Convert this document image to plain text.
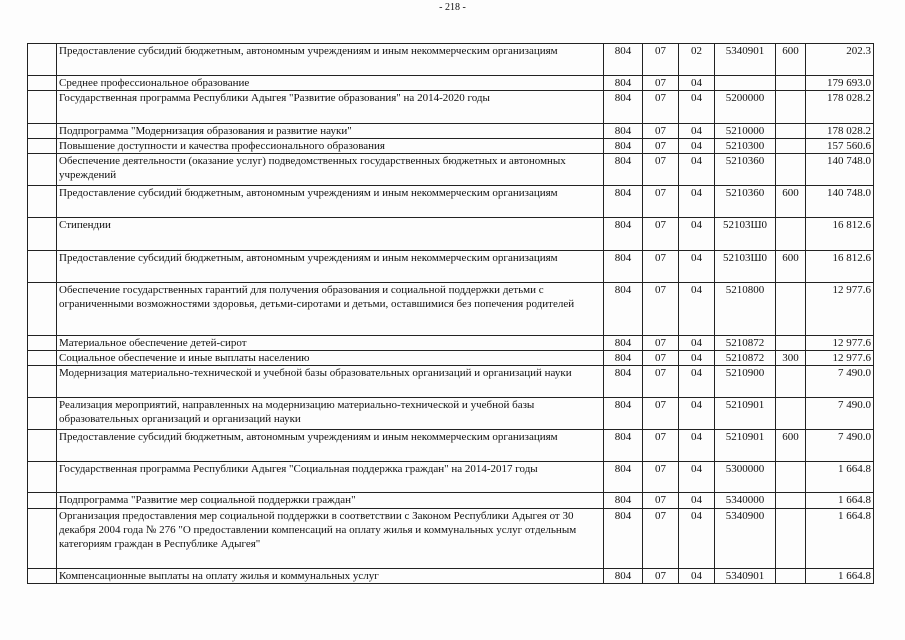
- 218 -
	Предоставление субсидий бюджетным, автономным учреждениям и иным некоммерческим организациям	804	07	02	5340901	600	202.3
	Среднее профессиональное образование	804	07	04			179 693.0
	Государственная программа Республики Адыгея "Развитие образования" на 2014-2020 годы	804	07	04	5200000		178 028.2
	Подпрограмма "Модернизация образования и развитие науки"	804	07	04	5210000		178 028.2
	Повышение доступности и качества профессионального образования	804	07	04	5210300		157 560.6
	Обеспечение деятельности (оказание услуг) подведомственных государственных бюджетных и автономных учреждений	804	07	04	5210360		140 748.0
	Предоставление субсидий бюджетным, автономным учреждениям и иным некоммерческим организациям	804	07	04	5210360	600	140 748.0
	Стипендии	804	07	04	52103Ш0		16 812.6
	Предоставление субсидий бюджетным, автономным учреждениям и иным некоммерческим организациям	804	07	04	52103Ш0	600	16 812.6
	Обеспечение государственных гарантий для получения образования и социальной поддержки детьми с ограниченными возможностями здоровья, детьми-сиротами и детьми, оставшимися без попечения родителей	804	07	04	5210800		12 977.6
	Материальное обеспечение детей-сирот	804	07	04	5210872		12 977.6
	Социальное обеспечение и иные выплаты населению	804	07	04	5210872	300	12 977.6
	Модернизация материально-технической и учебной базы образовательных организаций и организаций науки	804	07	04	5210900		7 490.0
	Реализация мероприятий, направленных на модернизацию материально-технической и учебной базы образовательных организаций и организаций науки	804	07	04	5210901		7 490.0
	Предоставление субсидий бюджетным, автономным учреждениям и иным некоммерческим организациям	804	07	04	5210901	600	7 490.0
	Государственная программа Республики Адыгея "Социальная поддержка граждан" на 2014-2017 годы	804	07	04	5300000		1 664.8
	Подпрограмма "Развитие мер социальной поддержки граждан"	804	07	04	5340000		1 664.8
	Организация предоставления мер социальной поддержки в соответствии с Законом Республики Адыгея от 30 декабря 2004 года № 276 "О предоставлении компенсаций на оплату жилья и коммунальных услуг отдельным категориям граждан в Республике Адыгея"	804	07	04	5340900		1 664.8
	Компенсационные выплаты на оплату жилья и коммунальных услуг	804	07	04	5340901		1 664.8
